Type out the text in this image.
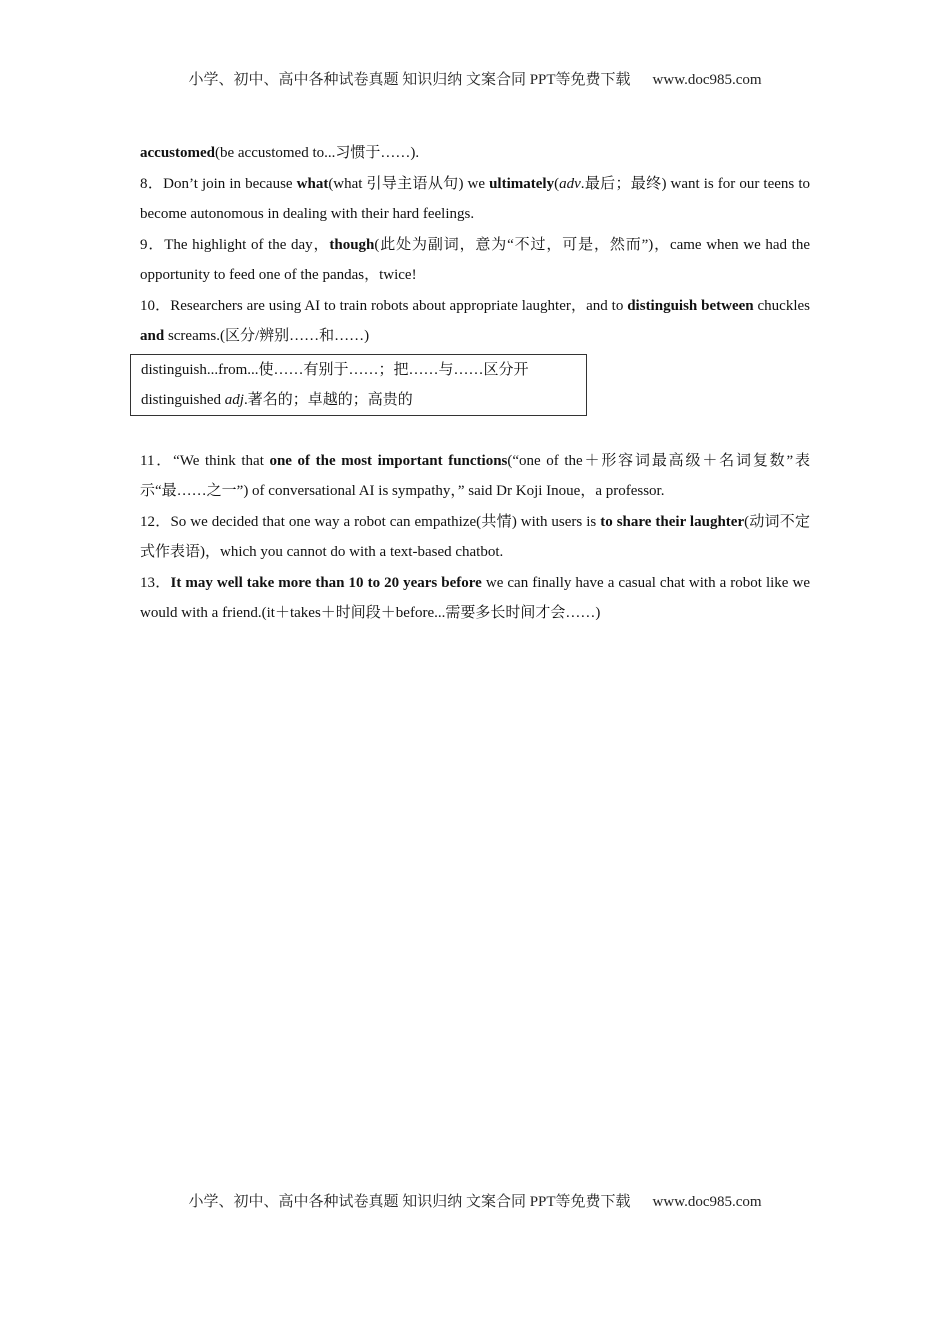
小学、初中、高中各种试卷真题 知识归纳 文案合同 PPT等免费下载 www.doc985.com

accustomed(be accustomed to...习惯于……).

8．Don’t join in because what(what 引导主语从句) we ultimately(adv.最后；最终) want is for our teens to become autonomous in dealing with their hard feelings.

9．The highlight of the day，though(此处为副词，意为“不过，可是，然而”)，came when we had the opportunity to feed one of the pandas，twice!

10．Researchers are using AI to train robots about appropriate laughter，and to distinguish between chuckles and screams.(区分/辨别……和……)

distinguish...from...使……有别于……；把……与……区分开
distinguished adj.著名的；卓越的；高贵的

11．“We think that one of the most important functions(“one of the＋形容词最高级＋名词复数”表示“最……之一”) of conversational AI is sympathy，” said Dr Koji Inoue，a professor.

12．So we decided that one way a robot can empathize(共情) with users is to share their laughter(动词不定式作表语)，which you cannot do with a text-based chatbot.

13．It may well take more than 10 to 20 years before we can finally have a casual chat with a robot like we would with a friend.(it＋takes＋时间段＋before...需要多长时间才会……)

小学、初中、高中各种试卷真题 知识归纳 文案合同 PPT等免费下载 www.doc985.com
